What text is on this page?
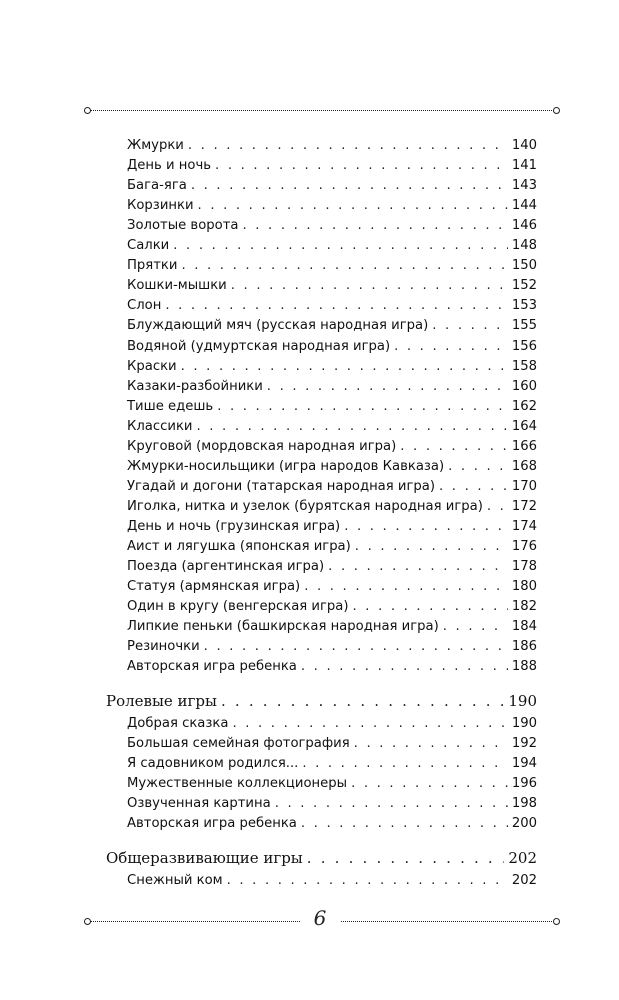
Жмурки . . .	140
День и ночь . . .	141
Бага-яга . . .	143
Корзинки . . .	144
Золотые ворота . . .	146
Салки . . .	148
Прятки . . .	150
Кошки-мышки . . .	152
Слон . . .	153
Блуждающий мяч (русская народная игра) . . .	155
Водяной (удмуртская народная игра) . . .	156
Краски . . .	158
Казаки-разбойники . . .	160
Тише едешь . . .	162
Классики . . .	164
Круговой (мордовская народная игра) . . .	166
Жмурки-носильщики (игра народов Кавказа) . . .	168
Угадай и догони (татарская народная игра) . . .	170
Иголка, нитка и узелок (бурятская народная игра) . . . 172
День и ночь (грузинская игра) . . .	174
Аист и лягушка (японская игра) . . .	176
Поезда (аргентинская игра) . . .	178
Статуя (армянская игра) . . .	180
Один в кругу (венгерская игра) . . .	182
Липкие пеньки (башкирская народная игра) . . .	184
Резиночки . . .	186
Авторская игра ребенка . . .	188
Ролевые игры . . .	190
Добрая сказка . . .	190
Большая семейная фотография . . .	192
Я садовником родился... . . .	194
Мужественные коллекционеры . . .	196
Озвученная картина . . .	198
Авторская игра ребенка . . .	200
Общеразвивающие игры . . .	202
Снежный ком . . .	202
6
